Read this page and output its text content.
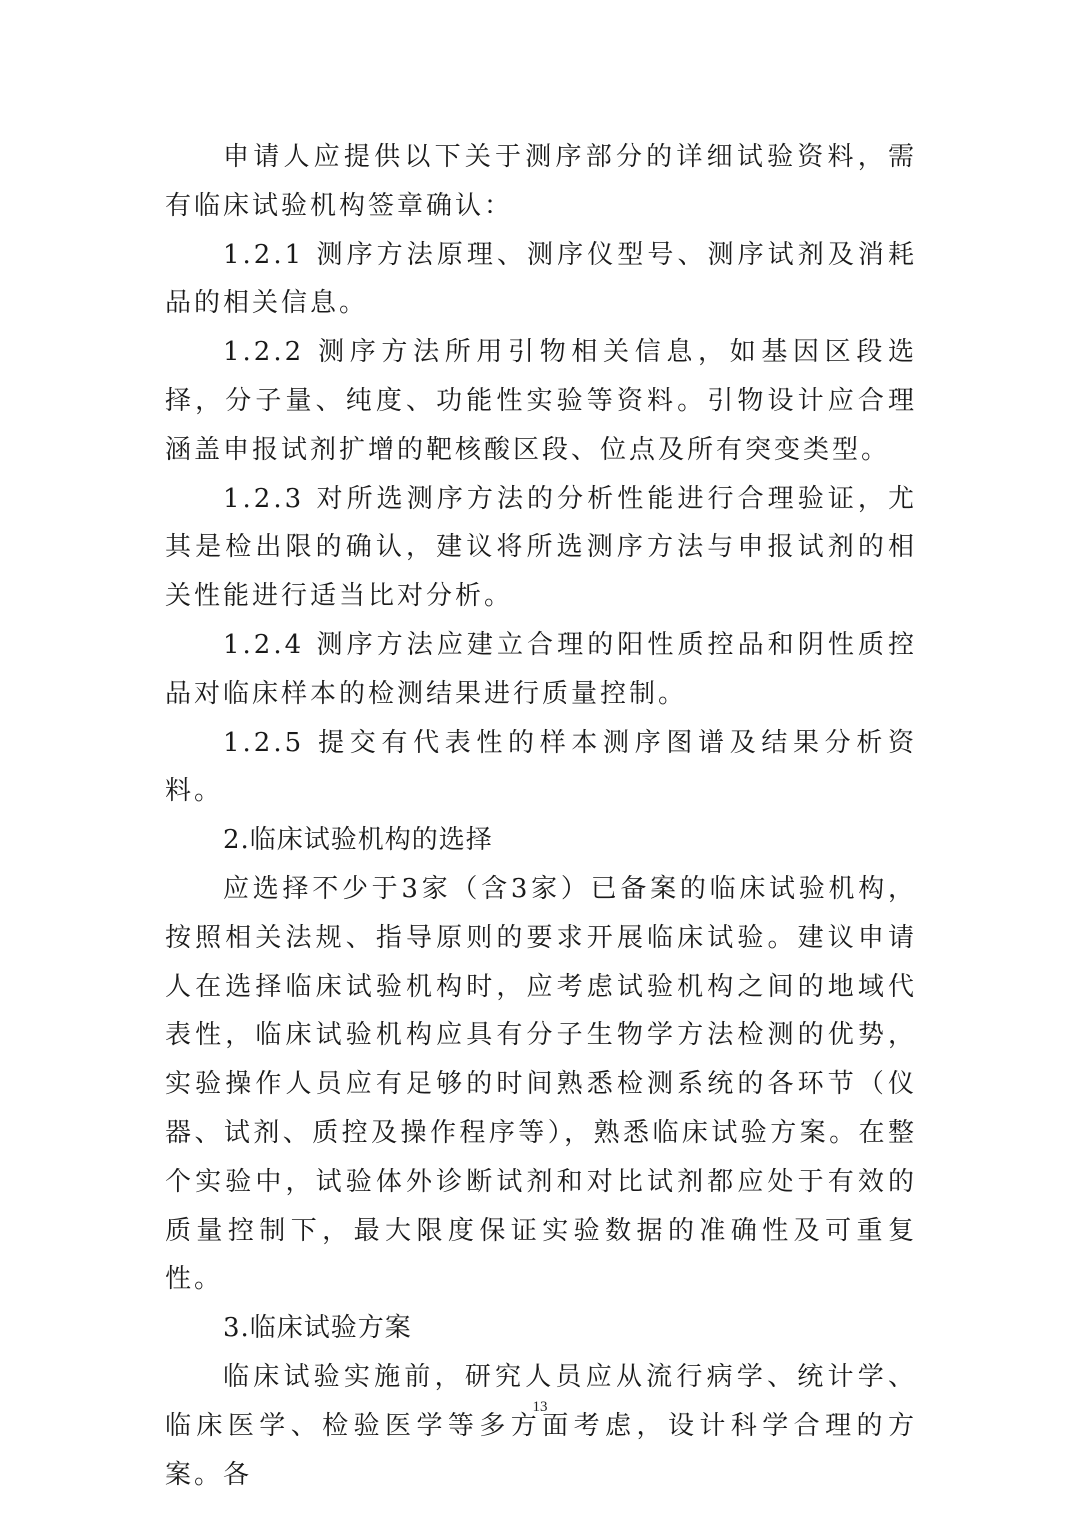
申请人应提供以下关于测序部分的详细试验资料，需有临床试验机构签章确认：

1.2.1 测序方法原理、测序仪型号、测序试剂及消耗品的相关信息。

1.2.2 测序方法所用引物相关信息，如基因区段选择，分子量、纯度、功能性实验等资料。引物设计应合理涵盖申报试剂扩增的靶核酸区段、位点及所有突变类型。

1.2.3 对所选测序方法的分析性能进行合理验证，尤其是检出限的确认，建议将所选测序方法与申报试剂的相关性能进行适当比对分析。

1.2.4 测序方法应建立合理的阳性质控品和阴性质控品对临床样本的检测结果进行质量控制。

1.2.5 提交有代表性的样本测序图谱及结果分析资料。

2.临床试验机构的选择

应选择不少于3家（含3家）已备案的临床试验机构，按照相关法规、指导原则的要求开展临床试验。建议申请人在选择临床试验机构时，应考虑试验机构之间的地域代表性，临床试验机构应具有分子生物学方法检测的优势，实验操作人员应有足够的时间熟悉检测系统的各环节（仪器、试剂、质控及操作程序等），熟悉临床试验方案。在整个实验中，试验体外诊断试剂和对比试剂都应处于有效的质量控制下，最大限度保证实验数据的准确性及可重复性。

3.临床试验方案

临床试验实施前，研究人员应从流行病学、统计学、临床医学、检验医学等多方面考虑，设计科学合理的方案。各

13
